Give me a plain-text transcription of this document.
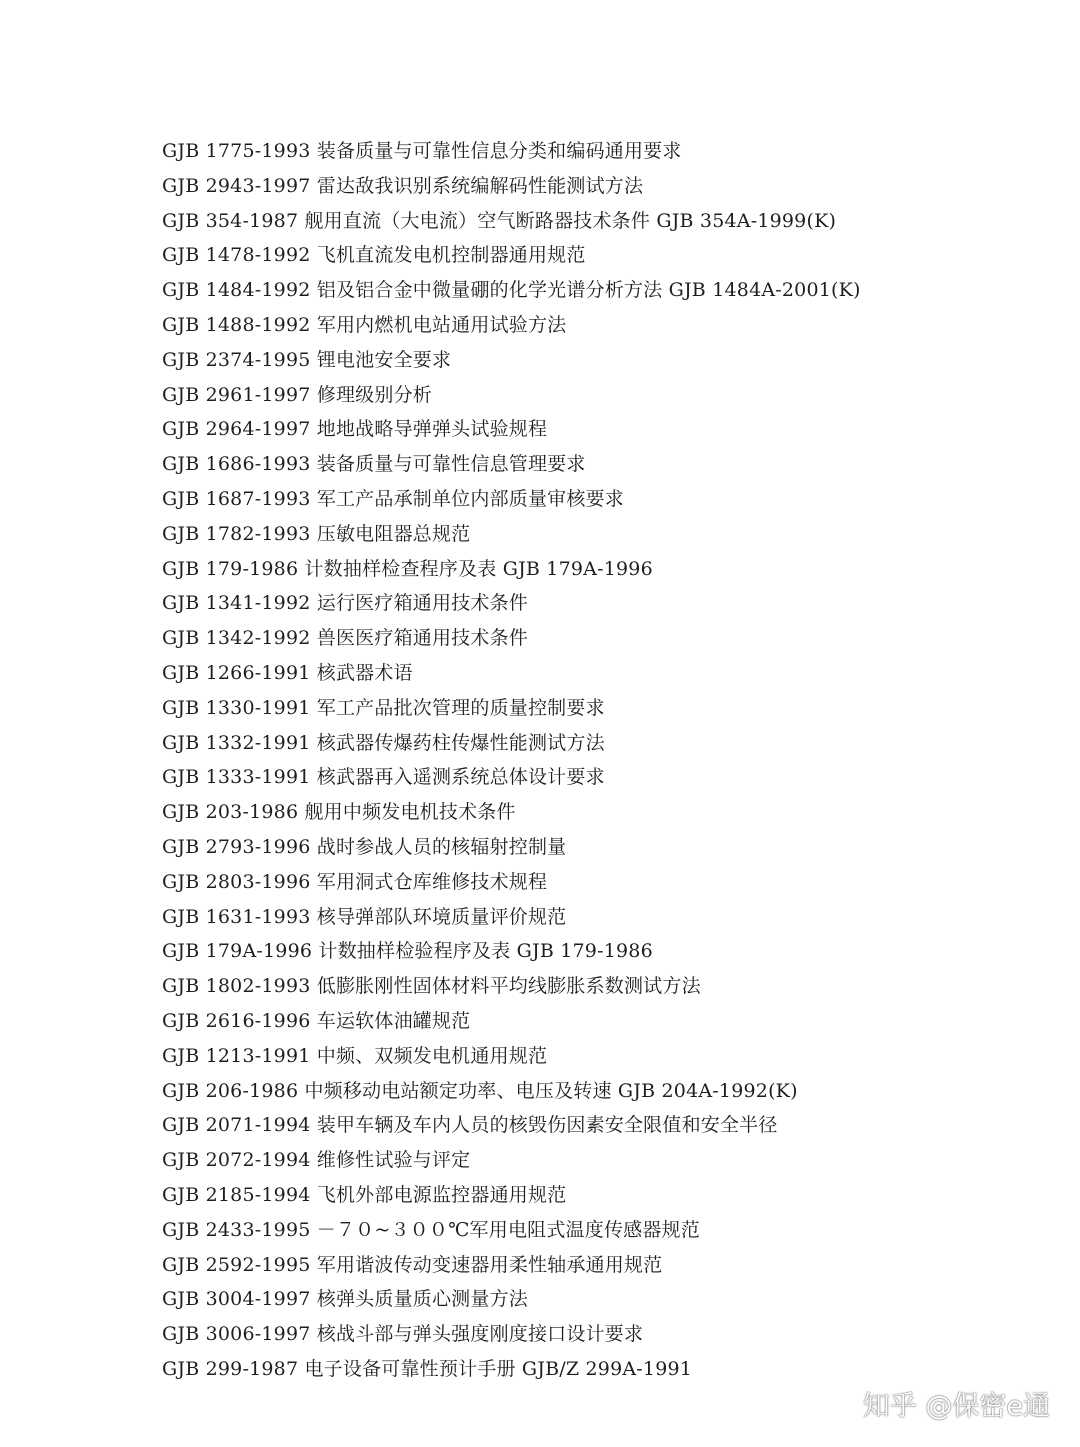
GJB 1775-1993 装备质量与可靠性信息分类和编码通用要求
GJB 2943-1997 雷达敌我识别系统编解码性能测试方法
GJB 354-1987 舰用直流（大电流）空气断路器技术条件 GJB 354A-1999(K)
GJB 1478-1992 飞机直流发电机控制器通用规范
GJB 1484-1992 铝及铝合金中微量硼的化学光谱分析方法 GJB 1484A-2001(K)
GJB 1488-1992 军用内燃机电站通用试验方法
GJB 2374-1995 锂电池安全要求
GJB 2961-1997 修理级别分析
GJB 2964-1997 地地战略导弹弹头试验规程
GJB 1686-1993 装备质量与可靠性信息管理要求
GJB 1687-1993 军工产品承制单位内部质量审核要求
GJB 1782-1993 压敏电阻器总规范
GJB 179-1986 计数抽样检查程序及表 GJB 179A-1996
GJB 1341-1992 运行医疗箱通用技术条件
GJB 1342-1992 兽医医疗箱通用技术条件
GJB 1266-1991 核武器术语
GJB 1330-1991 军工产品批次管理的质量控制要求
GJB 1332-1991 核武器传爆药柱传爆性能测试方法
GJB 1333-1991 核武器再入遥测系统总体设计要求
GJB 203-1986 舰用中频发电机技术条件
GJB 2793-1996 战时参战人员的核辐射控制量
GJB 2803-1996 军用洞式仓库维修技术规程
GJB 1631-1993 核导弹部队环境质量评价规范
GJB 179A-1996 计数抽样检验程序及表 GJB 179-1986
GJB 1802-1993 低膨胀刚性固体材料平均线膨胀系数测试方法
GJB 2616-1996 车运软体油罐规范
GJB 1213-1991 中频、双频发电机通用规范
GJB 206-1986 中频移动电站额定功率、电压及转速 GJB 204A-1992(K)
GJB 2071-1994 装甲车辆及车内人员的核毁伤因素安全限值和安全半径
GJB 2072-1994 维修性试验与评定
GJB 2185-1994 飞机外部电源监控器通用规范
GJB 2433-1995 －７０~３００℃军用电阻式温度传感器规范
GJB 2592-1995 军用谐波传动变速器用柔性轴承通用规范
GJB 3004-1997 核弹头质量质心测量方法
GJB 3006-1997 核战斗部与弹头强度刚度接口设计要求
GJB 299-1987 电子设备可靠性预计手册 GJB/Z 299A-1991
知乎 @保密e通
